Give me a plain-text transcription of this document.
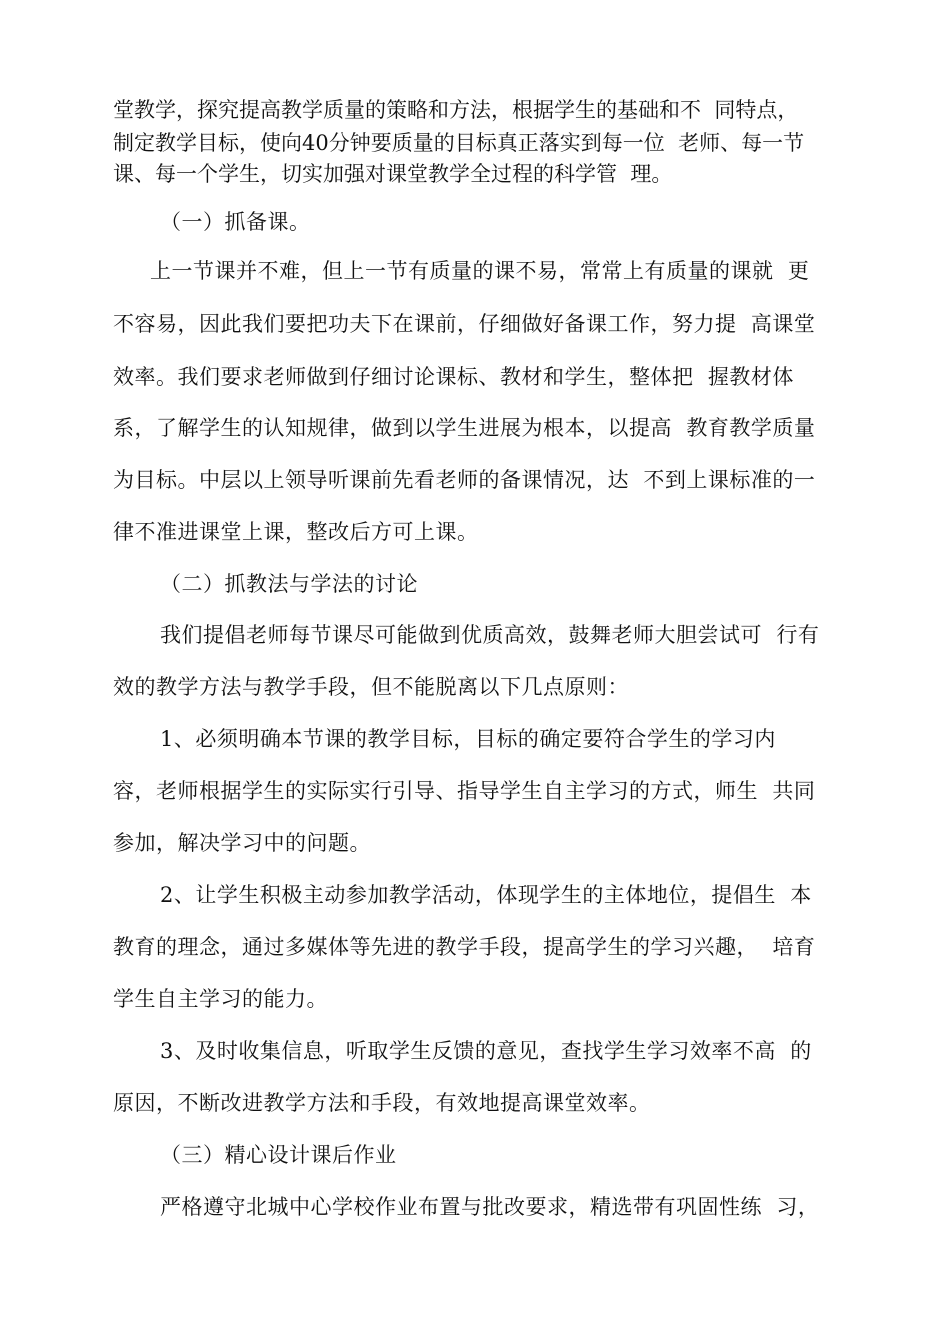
堂教学，探究提高教学质量的策略和方法，根据学生的基础和不  同特点，
制定教学目标，使向40分钟要质量的目标真正落实到每一位  老师、每一节
课、每一个学生，切实加强对课堂教学全过程的科学管  理。
（一）抓备课。
上一节课并不难，但上一节有质量的课不易，常常上有质量的课就  更
不容易，因此我们要把功夫下在课前，仔细做好备课工作，努力提  高课堂
效率。我们要求老师做到仔细讨论课标、教材和学生，整体把  握教材体
系，了解学生的认知规律，做到以学生进展为根本，以提高  教育教学质量
为目标。中层以上领导听课前先看老师的备课情况，达  不到上课标准的一
律不准进课堂上课，整改后方可上课。
（二）抓教法与学法的讨论
我们提倡老师每节课尽可能做到优质高效，鼓舞老师大胆尝试可  行有
效的教学方法与教学手段，但不能脱离以下几点原则：
1、必须明确本节课的教学目标，目标的确定要符合学生的学习内
容，老师根据学生的实际实行引导、指导学生自主学习的方式，师生  共同
参加，解决学习中的问题。
2、让学生积极主动参加教学活动，体现学生的主体地位，提倡生  本
教育的理念，通过多媒体等先进的教学手段，提高学生的学习兴趣，  培育
学生自主学习的能力。
3、及时收集信息，听取学生反馈的意见，查找学生学习效率不高  的
原因，不断改进教学方法和手段，有效地提高课堂效率。
（三）精心设计课后作业
严格遵守北城中心学校作业布置与批改要求，精选带有巩固性练  习，
